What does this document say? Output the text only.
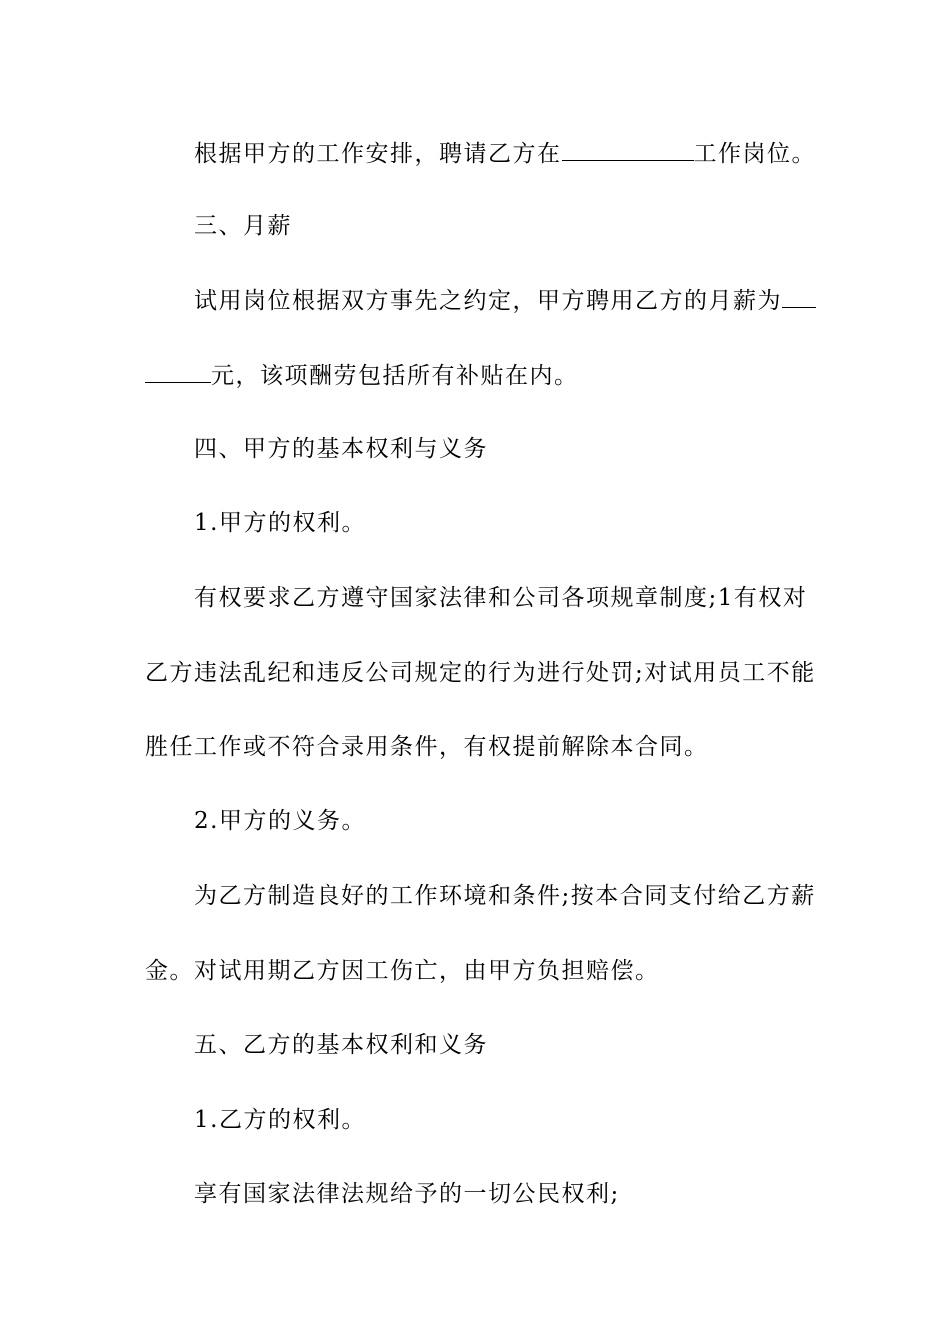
根据甲方的工作安排，聘请乙方在	工作岗位。
三、月薪
试用岗位根据双方事先之约定，甲方聘用乙方的月薪为
元，该项酬劳包括所有补贴在内。
四、甲方的基本权利与义务
1.甲方的权利。
有权要求乙方遵守国家法律和公司各项规章制度;1有权对
乙方违法乱纪和违反公司规定的行为进行处罚;对试用员工不能
胜任工作或不符合录用条件，有权提前解除本合同。
2.甲方的义务。
为乙方制造良好的工作环境和条件;按本合同支付给乙方薪
金。对试用期乙方因工伤亡，由甲方负担赔偿。
五、乙方的基本权利和义务
1.乙方的权利。
享有国家法律法规给予的一切公民权利;
